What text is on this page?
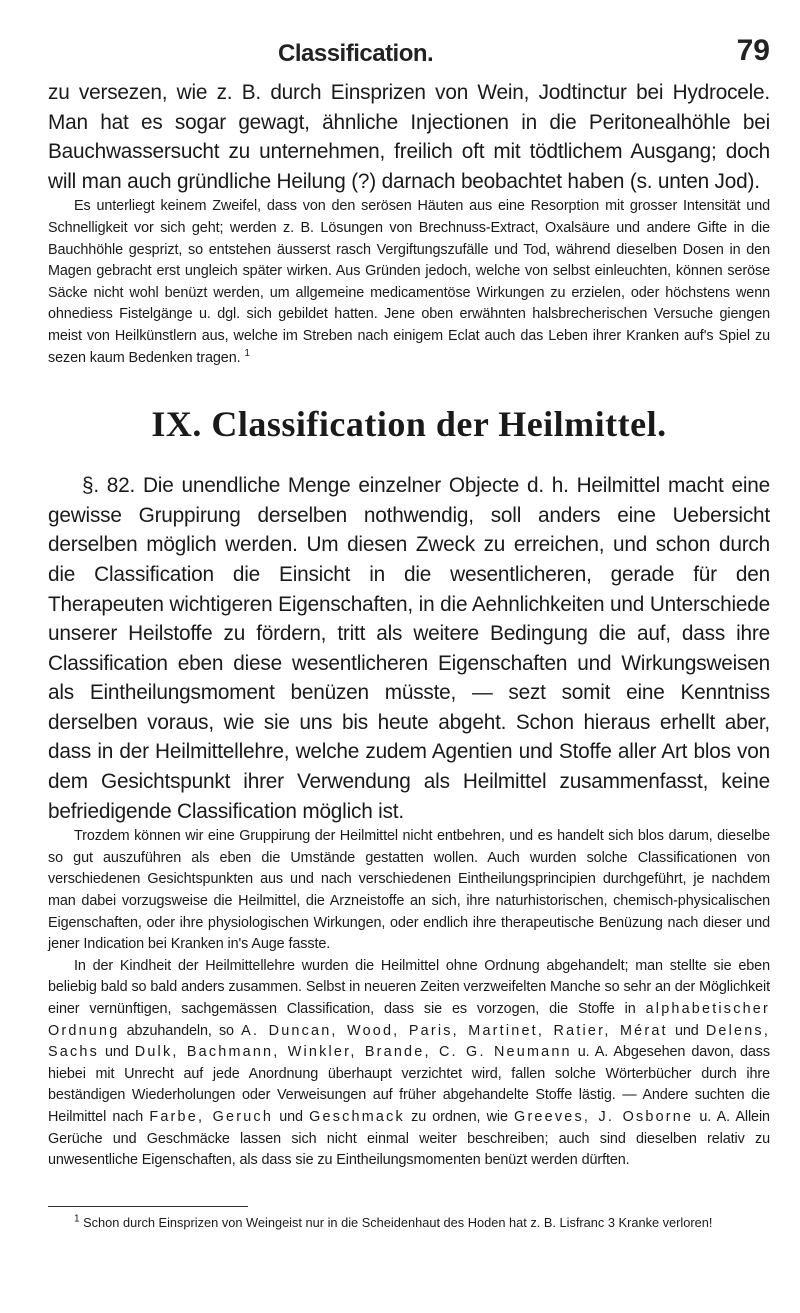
Classification.	79

zu versezen, wie z. B. durch Einsprizen von Wein, Jodtinctur bei Hydrocele. Man hat es sogar gewagt, ähnliche Injectionen in die Peritonealhöhle bei Bauchwassersucht zu unternehmen, freilich oft mit tödtlichem Ausgang; doch will man auch gründliche Heilung (?) darnach beobachtet haben (s. unten Jod).

Es unterliegt keinem Zweifel, dass von den serösen Häuten aus eine Resorption mit grosser Intensität und Schnelligkeit vor sich geht; werden z. B. Lösungen von Brechnuss-Extract, Oxalsäure und andere Gifte in die Bauchhöhle gesprizt, so entstehen äusserst rasch Vergiftungszufälle und Tod, während dieselben Dosen in den Magen gebracht erst ungleich später wirken. Aus Gründen jedoch, welche von selbst einleuchten, können seröse Säcke nicht wohl benüzt werden, um allgemeine medicamentöse Wirkungen zu erzielen, oder höchstens wenn ohnediess Fistelgänge u. dgl. sich gebildet hatten. Jene oben erwähnten halsbrecherischen Versuche giengen meist von Heilkünstlern aus, welche im Streben nach einigem Eclat auch das Leben ihrer Kranken auf's Spiel zu sezen kaum Bedenken tragen. $^1$

IX. Classification der Heilmittel.

§. 82. Die unendliche Menge einzelner Objecte d. h. Heilmittel macht eine gewisse Gruppirung derselben nothwendig, soll anders eine Uebersicht derselben möglich werden. Um diesen Zweck zu erreichen, und schon durch die Classification die Einsicht in die wesentlicheren, gerade für den Therapeuten wichtigeren Eigenschaften, in die Aehnlichkeiten und Unterschiede unserer Heilstoffe zu fördern, tritt als weitere Bedingung die auf, dass ihre Classification eben diese wesentlicheren Eigenschaften und Wirkungsweisen als Eintheilungsmoment benüzen müsste, — sezt somit eine Kenntniss derselben voraus, wie sie uns bis heute abgeht. Schon hieraus erhellt aber, dass in der Heilmittellehre, welche zudem Agentien und Stoffe aller Art blos von dem Gesichtspunkt ihrer Verwendung als Heilmittel zusammenfasst, keine befriedigende Classification möglich ist.

Trozdem können wir eine Gruppirung der Heilmittel nicht entbehren, und es handelt sich blos darum, dieselbe so gut auszuführen als eben die Umstände gestatten wollen. Auch wurden solche Classificationen von verschiedenen Gesichtspunkten aus und nach verschiedenen Eintheilungsprincipien durchgeführt, je nachdem man dabei vorzugsweise die Heilmittel, die Arzneistoffe an sich, ihre naturhistorischen, chemisch-physicalischen Eigenschaften, oder ihre physiologischen Wirkungen, oder endlich ihre therapeutische Benüzung nach dieser und jener Indication bei Kranken in's Auge fasste.

In der Kindheit der Heilmittellehre wurden die Heilmittel ohne Ordnung abgehandelt; man stellte sie eben beliebig bald so bald anders zusammen. Selbst in neueren Zeiten verzweifelten Manche so sehr an der Möglichkeit einer vernünftigen, sachgemässen Classification, dass sie es vorzogen, die Stoffe in alphabetischer Ordnung abzuhandeln, so A. Duncan, Wood, Paris, Martinet, Ratier, Mérat und Delens, Sachs und Dulk, Bachmann, Winkler, Brande, C. G. Neumann u. A. Abgesehen davon, dass hiebei mit Unrecht auf jede Anordnung überhaupt verzichtet wird, fallen solche Wörterbücher durch ihre beständigen Wiederholungen oder Verweisungen auf früher abgehandelte Stoffe lästig. — Andere suchten die Heilmittel nach Farbe, Geruch und Geschmack zu ordnen, wie Greeves, J. Osborne u. A. Allein Gerüche und Geschmäcke lassen sich nicht einmal weiter beschreiben; auch sind dieselben relativ zu unwesentliche Eigenschaften, als dass sie zu Eintheilungsmomenten benüzt werden dürften.

$^1$ Schon durch Einsprizen von Weingeist nur in die Scheidenhaut des Hoden hat z. B. Lisfranc 3 Kranke verloren!
